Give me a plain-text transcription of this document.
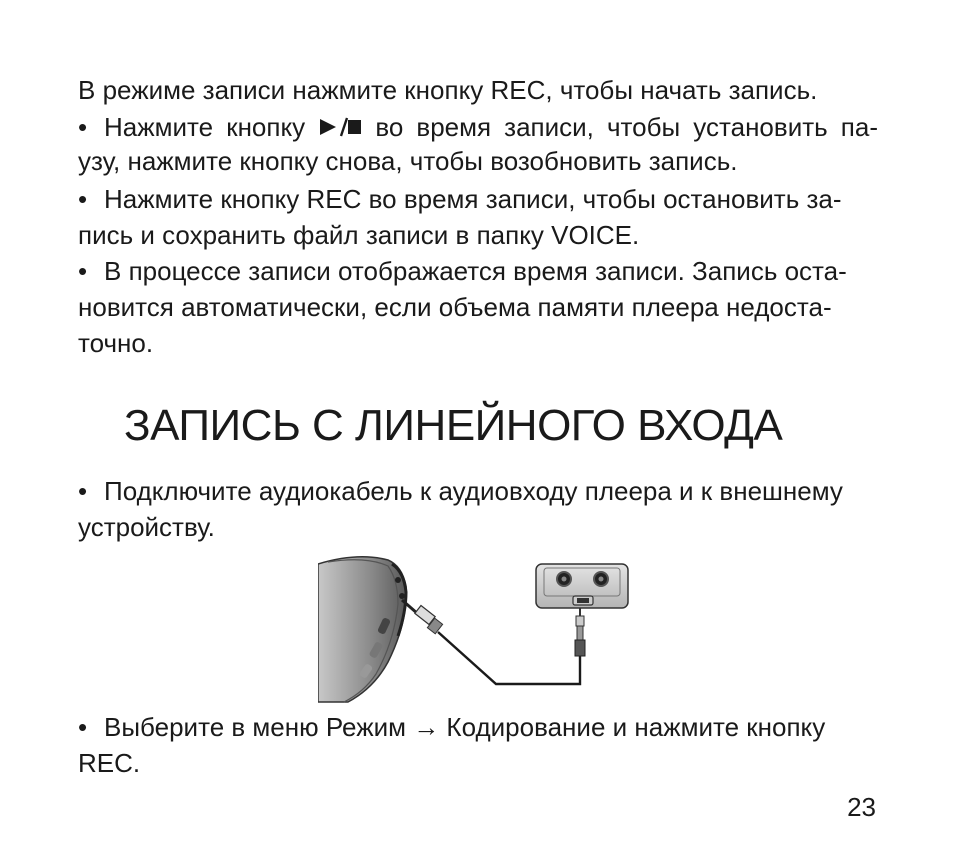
В режиме записи нажмите кнопку REC, чтобы начать запись.
• Нажмите кнопку	во время записи, чтобы установить па-
узу, нажмите кнопку снова, чтобы возобновить запись.
• Нажмите кнопку REC во время записи, чтобы остановить за-
пись и сохранить файл записи в папку VOICE.
• В процессе записи отображается время записи. Запись оста-
новится автоматически, если объема памяти плеера недоста-
точно.
ЗАПИСЬ С ЛИНЕЙНОГО ВХОДА
• Подключите аудиокабель к аудиовходу плеера и к внешнему
устройству.
• Выберите в меню Режим → Кодирование и нажмите кнопку
REC.
23
